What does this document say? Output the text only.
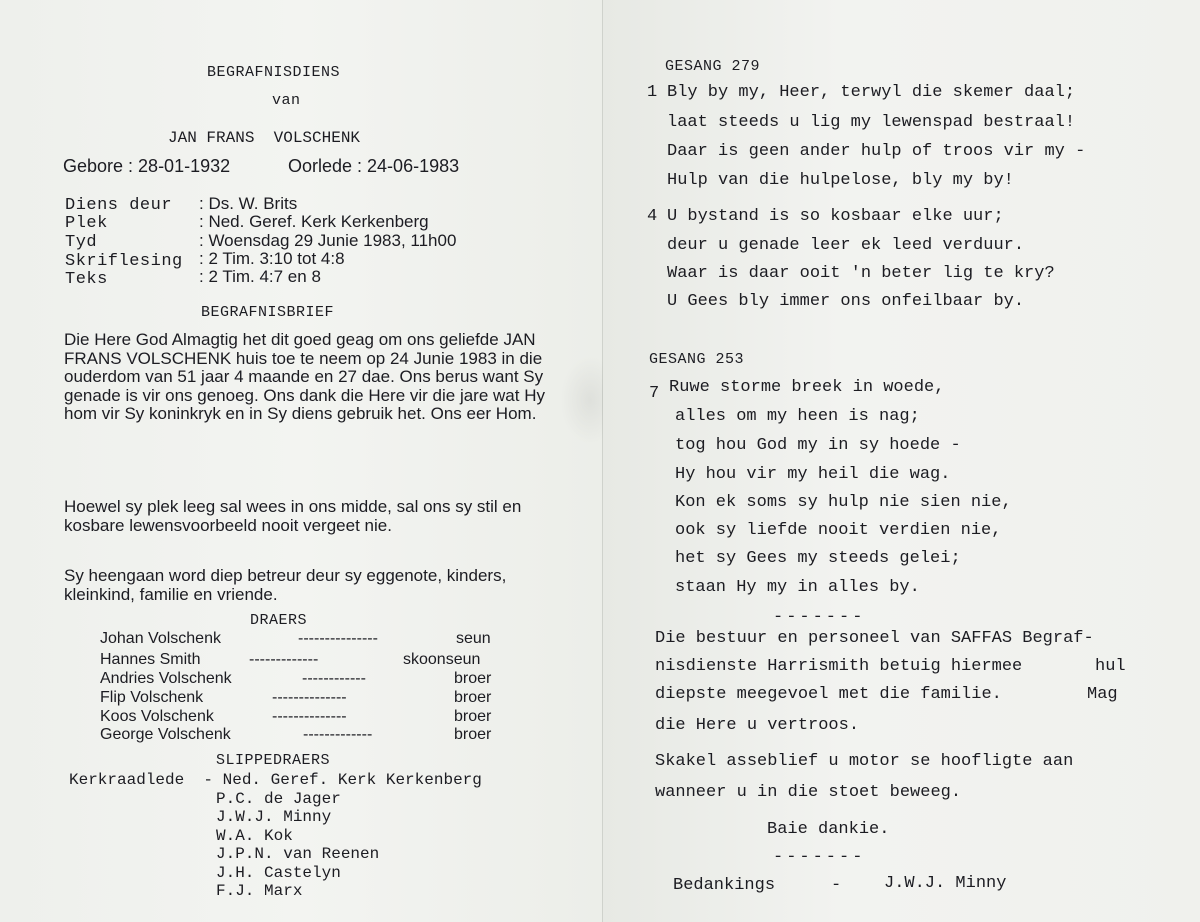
BEGRAFNISDIENS
van
JAN FRANS  VOLSCHENK
Gebore : 28-01-1932	Oorlede : 24-06-1983
Diens deur : Ds. W. Brits
Plek	: Ned. Geref. Kerk Kerkenberg
Tyd	: Woensdag 29 Junie 1983, 11h00
Skriflesing : 2 Tim. 3:10 tot 4:8
Teks	: 2 Tim. 4:7 en 8
BEGRAFNISBRIEF
Die Here God Almagtig het dit goed geag om ons geliefde JAN FRANS VOLSCHENK huis toe te neem op 24 Junie 1983 in die ouderdom van 51 jaar 4 maande en 27 dae. Ons berus want Sy genade is vir ons genoeg. Ons dank die Here vir die jare wat Hy hom vir Sy koninkryk en in Sy diens gebruik het. Ons eer Hom.
Hoewel sy plek leeg sal wees in ons midde, sal ons sy stil en kosbare lewensvoorbeeld nooit vergeet nie.
Sy heengaan word diep betreur deur sy eggenote, kinders, kleinkind, familie en vriende.
DRAERS
Johan Volschenk	---------------	seun
Hannes Smith	-------------	skoonseun
Andries Volschenk	------------	broer
Flip Volschenk	--------------	broer
Koos Volschenk	--------------	broer
George Volschenk	-------------	broer
SLIPPEDRAERS
Kerkraadlede  - Ned. Geref. Kerk Kerkenberg
P.C. de Jager
J.W.J. Minny
W.A. Kok
J.P.N. van Reenen
J.H. Castelyn
F.J. Marx
GESANG 279
1 Bly by my, Heer, terwyl die skemer daal;
laat steeds u lig my lewenspad bestraal!
Daar is geen ander hulp of troos vir my -
Hulp van die hulpelose, bly my by!
4 U bystand is so kosbaar elke uur;
deur u genade leer ek leed verduur.
Waar is daar ooit 'n beter lig te kry?
U Gees bly immer ons onfeilbaar by.
GESANG 253
7 Ruwe storme breek in woede,
alles om my heen is nag;
tog hou God my in sy hoede -
Hy hou vir my heil die wag.
Kon ek soms sy hulp nie sien nie,
ook sy liefde nooit verdien nie,
het sy Gees my steeds gelei;
staan Hy my in alles by.
-------
Die bestuur en personeel van SAFFAS Begraf-
nisdienste Harrismith betuig hiermee	hul
diepste meegevoel met die familie.	Mag
die Here u vertroos.
Skakel asseblief u motor se hoofligte aan
wanneer u in die stoet beweeg.
Baie dankie.
-------
Bedankings	-	J.W.J. Minny
